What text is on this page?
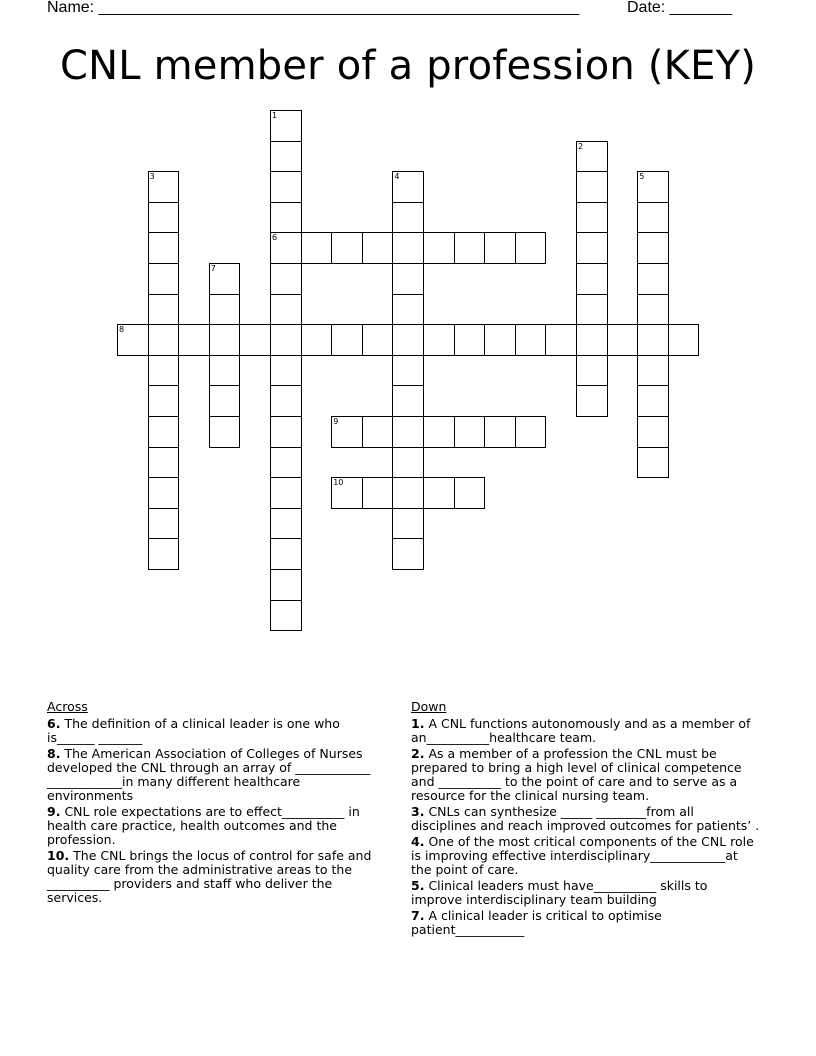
Name: ______________________________________________________	Date: _______
CNL member of a profession (KEY)
1
6
2
3	4	5
7
8
9
10
Across
6. The definition of a clinical leader is one who is______ _______
8. The American Association of Colleges of Nurses developed the CNL through an array of ____________ ____________in many different healthcare environments
9. CNL role expectations are to effect__________ in health care practice, health outcomes and the profession.
10. The CNL brings the locus of control for safe and quality care from the administrative areas to the __________ providers and staff who deliver the services.
Down
1. A CNL functions autonomously and as a member of an__________healthcare team.
2. As a member of a profession the CNL must be prepared to bring a high level of clinical competence and __________ to the point of care and to serve as a resource for the clinical nursing team.
3. CNLs can synthesize _____ ________from all disciplines and reach improved outcomes for patients’ .
4. One of the most critical components of the CNL role is improving effective interdisciplinary____________at the point of care.
5. Clinical leaders must have__________ skills to improve interdisciplinary team building
7. A clinical leader is critical to optimise patient___________
